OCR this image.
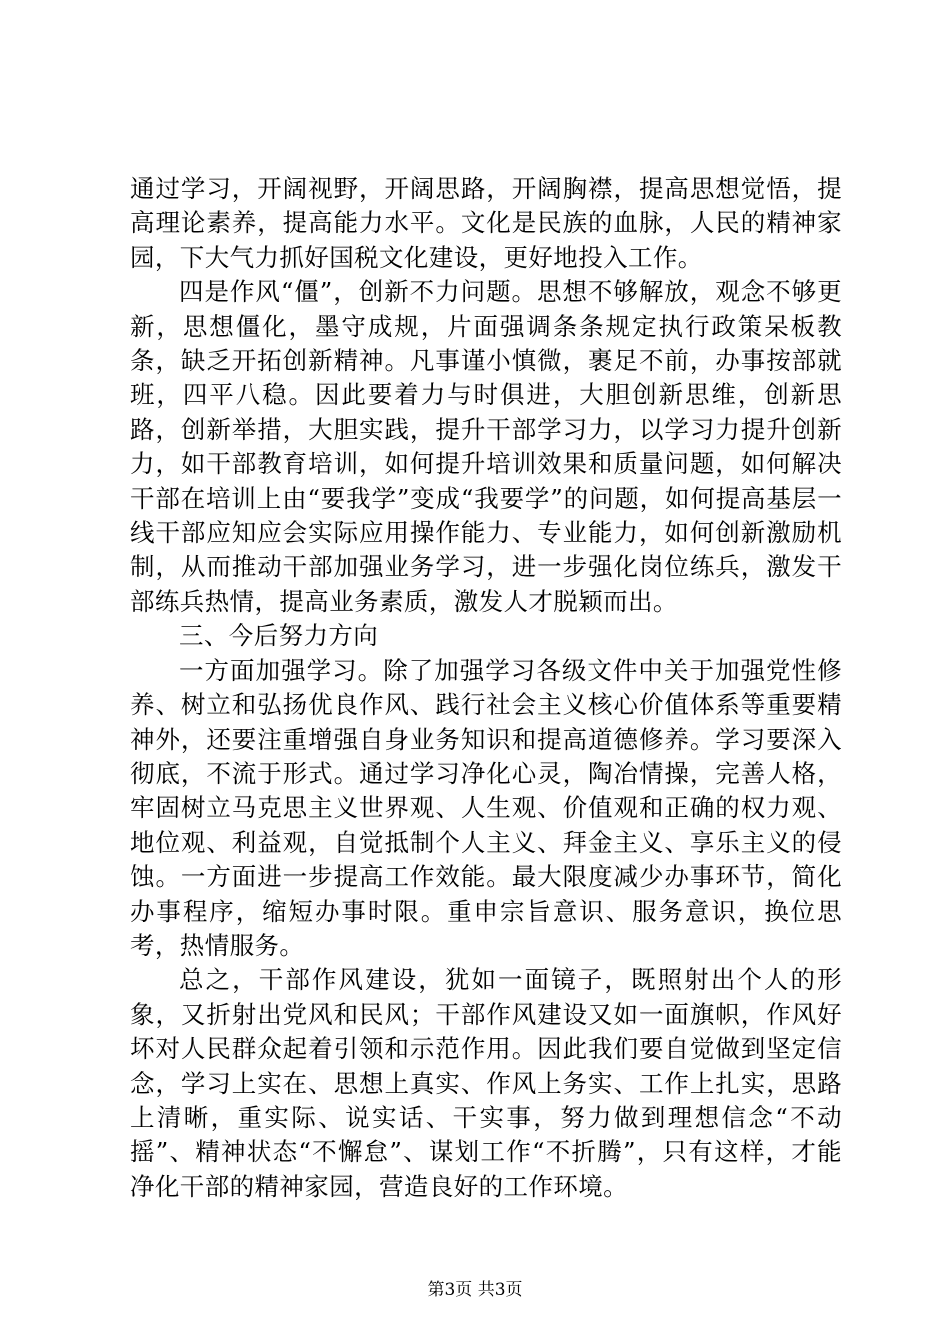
通过学习，开阔视野，开阔思路，开阔胸襟，提高思想觉悟，提高理论素养，提高能力水平。文化是民族的血脉，人民的精神家园，下大气力抓好国税文化建设，更好地投入工作。

四是作风“僵”，创新不力问题。思想不够解放，观念不够更新，思想僵化，墨守成规，片面强调条条规定执行政策呆板教条，缺乏开拓创新精神。凡事谨小慎微，裹足不前，办事按部就班，四平八稳。因此要着力与时俱进，大胆创新思维，创新思路，创新举措，大胆实践，提升干部学习力，以学习力提升创新力，如干部教育培训，如何提升培训效果和质量问题，如何解决干部在培训上由“要我学”变成“我要学”的问题，如何提高基层一线干部应知应会实际应用操作能力、专业能力，如何创新激励机制，从而推动干部加强业务学习，进一步强化岗位练兵，激发干部练兵热情，提高业务素质，激发人才脱颖而出。

三、今后努力方向

一方面加强学习。除了加强学习各级文件中关于加强党性修养、树立和弘扬优良作风、践行社会主义核心价值体系等重要精神外，还要注重增强自身业务知识和提高道德修养。学习要深入彻底，不流于形式。通过学习净化心灵，陶冶情操，完善人格，牢固树立马克思主义世界观、人生观、价值观和正确的权力观、地位观、利益观，自觉抵制个人主义、拜金主义、享乐主义的侵蚀。一方面进一步提高工作效能。最大限度减少办事环节，简化办事程序，缩短办事时限。重申宗旨意识、服务意识，换位思考，热情服务。

总之，干部作风建设，犹如一面镜子，既照射出个人的形象，又折射出党风和民风；干部作风建设又如一面旗帜，作风好坏对人民群众起着引领和示范作用。因此我们要自觉做到坚定信念，学习上实在、思想上真实、作风上务实、工作上扎实，思路上清晰，重实际、说实话、干实事，努力做到理想信念“不动摇”、精神状态“不懈怠”、谋划工作“不折腾”，只有这样，才能净化干部的精神家园，营造良好的工作环境。

第3页 共3页
